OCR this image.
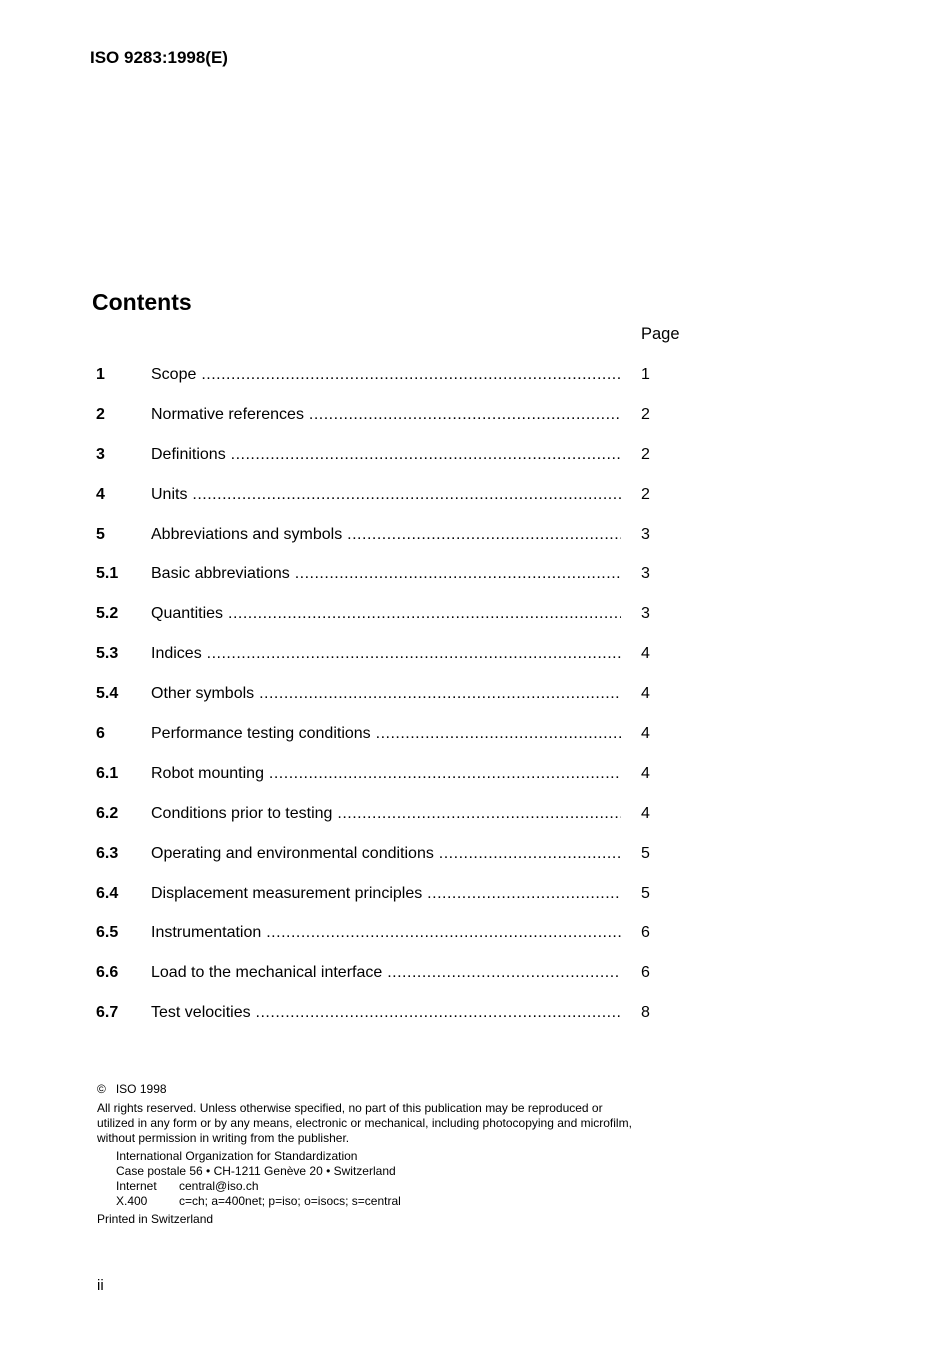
ISO 9283:1998(E)
Contents
Page
1	Scope .....	1
2	Normative references .....	2
3	Definitions .....	2
4	Units .....	2
5	Abbreviations and symbols .....	3
5.1 Basic abbreviations .....	3
5.2 Quantities .....	3
5.3 Indices .....	4
5.4 Other symbols .....	4
6	Performance testing conditions .....	4
6.1 Robot mounting .....	4
6.2 Conditions prior to testing .....	4
6.3 Operating and environmental conditions .....	5
6.4 Displacement measurement principles .....	5
6.5 Instrumentation .....	6
6.6 Load to the mechanical interface .....	6
6.7 Test velocities .....	8
© ISO 1998
All rights reserved. Unless otherwise specified, no part of this publication may be reproduced or utilized in any form or by any means, electronic or mechanical, including photocopying and microfilm, without permission in writing from the publisher.
International Organization for Standardization
Case postale 56 • CH-1211 Genève 20 • Switzerland
Internet	central@iso.ch
X.400	c=ch; a=400net; p=iso; o=isocs; s=central
Printed in Switzerland
ii
